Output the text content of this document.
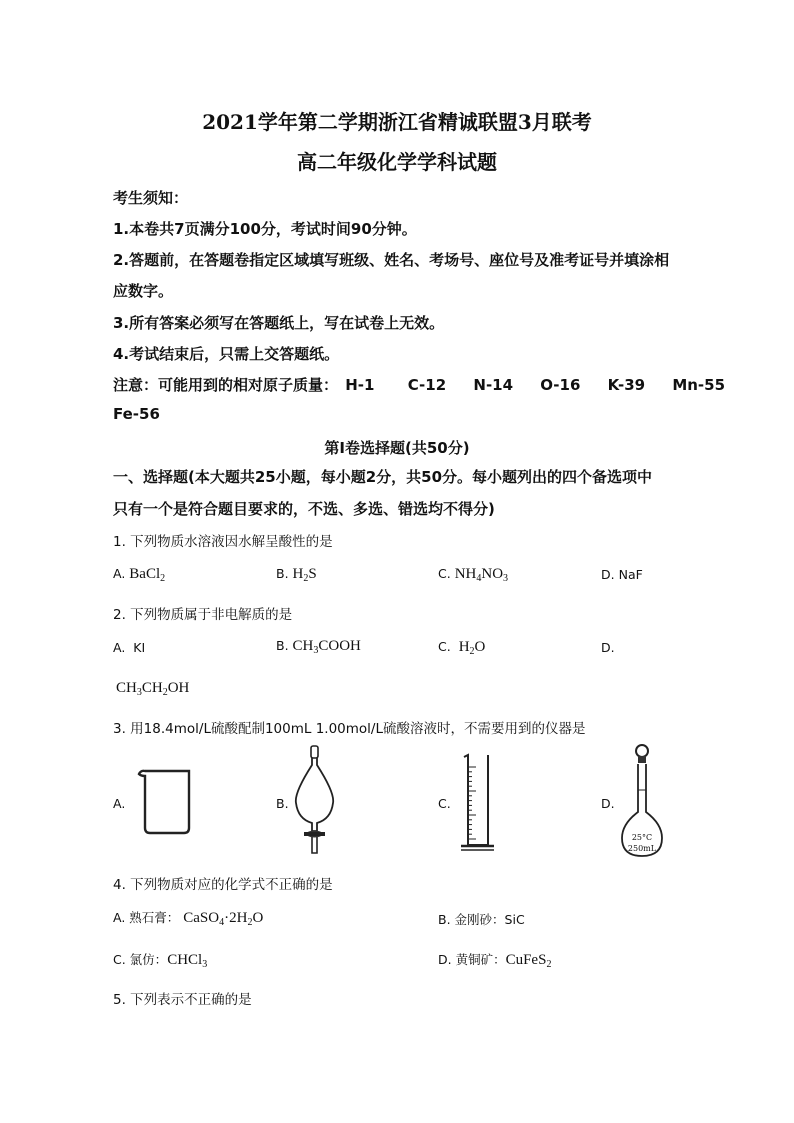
2021学年第二学期浙江省精诚联盟3月联考
高二年级化学学科试题
考生须知：
1.本卷共7页满分100分，考试时间90分钟。
2.答题前，在答题卷指定区域填写班级、姓名、考场号、座位号及准考证号并填涂相
应数字。
3.所有答案必须写在答题纸上，写在试卷上无效。
4.考试结束后，只需上交答题纸。
注意：可能用到的相对原子质量： H-1 C-12 N-14 O-16 K-39 Mn-55
Fe-56
第Ⅰ卷选择题(共50分)
一、选择题(本大题共25小题，每小题2分，共50分。每小题列出的四个备选项中
只有一个是符合题目要求的，不选、多选、错选均不得分)
1. 下列物质水溶液因水解呈酸性的是
A. BaCl$_2$	B. $H_2S$	C. $NH_4NO_3$	D. NaF
2. 下列物质属于非电解质的是
A. KI	B. $CH_3COOH$	C. $H_2O$	D.
$CH_3CH_2OH$
3. 用18.4mol/L硫酸配制100mL 1.00mol/L硫酸溶液时，不需要用到的仪器是
A.	B.	C.	D.
25°C
250mL
4. 下列物质对应的化学式不正确的是
A. 熟石膏： $CaSO_4\cdot 2H_2O$	B. 金刚砂：SiC
C. 氯仿：CHCl$_3$	D. 黄铜矿：CuFeS$_2$
5. 下列表示不正确的是
